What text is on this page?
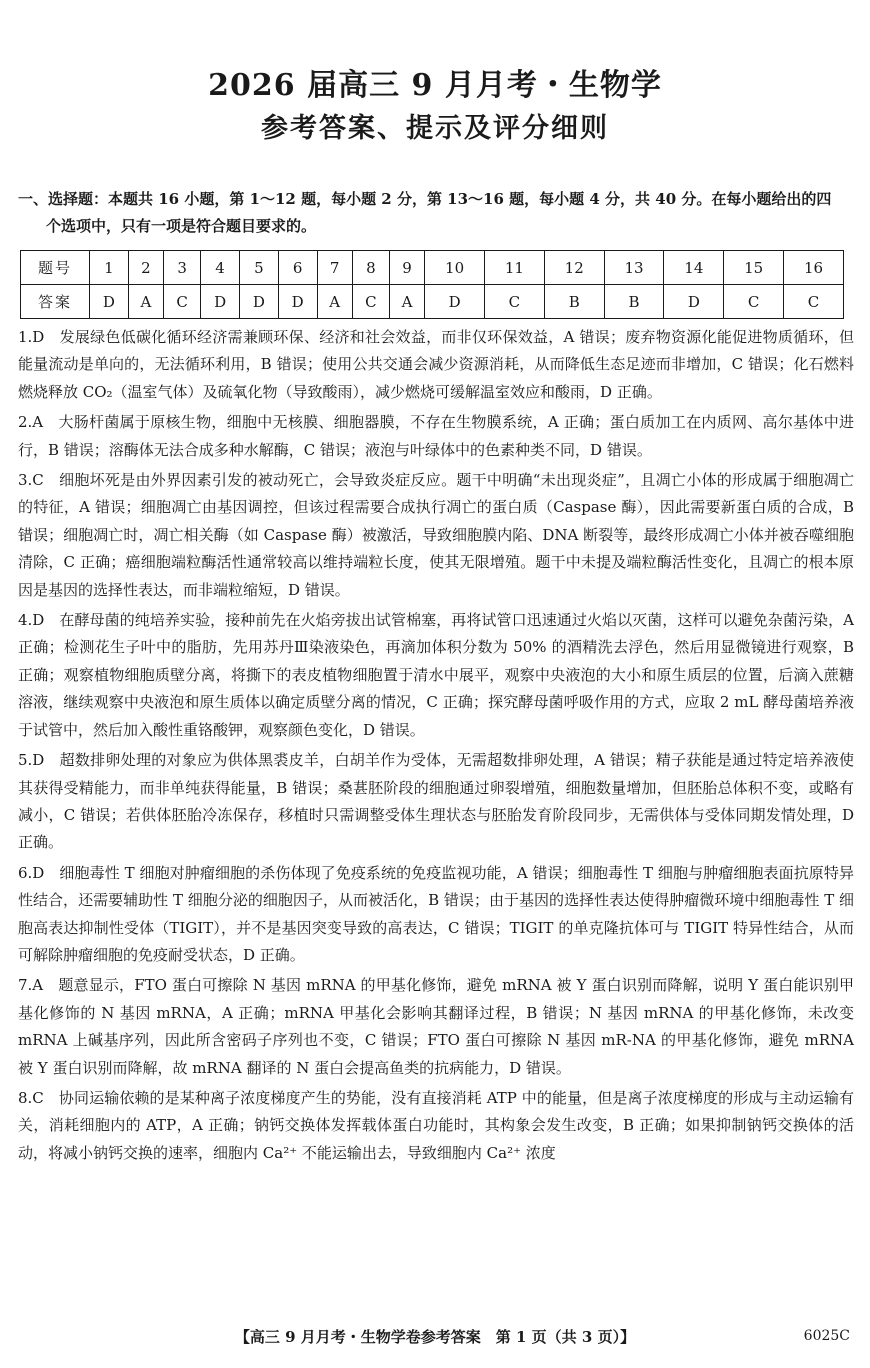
2026 届高三 9 月月考・生物学
参考答案、提示及评分细则
一、选择题：本题共 16 小题，第 1～12 题，每小题 2 分，第 13～16 题，每小题 4 分，共 40 分。在每小题给出的四
个选项中，只有一项是符合题目要求的。
题号	1	2	3	4	5	6	7	8	9	10	11	12	13	14	15	16
答案	D	A	C	D	D	D	A	C	A	D	C	B	B	D	C	C
1.D  发展绿色低碳化循环经济需兼顾环保、经济和社会效益，而非仅环保效益，A 错误；废弃物资源化能促进物质循环，但能量流动是单向的，无法循环利用，B 错误；使用公共交通会减少资源消耗，从而降低生态足迹而非增加，C 错误；化石燃料燃烧释放 CO₂（温室气体）及硫氧化物（导致酸雨），减少燃烧可缓解温室效应和酸雨，D 正确。
2.A  大肠杆菌属于原核生物，细胞中无核膜、细胞器膜，不存在生物膜系统，A 正确；蛋白质加工在内质网、高尔基体中进行，B 错误；溶酶体无法合成多种水解酶，C 错误；液泡与叶绿体中的色素种类不同，D 错误。
3.C  细胞坏死是由外界因素引发的被动死亡，会导致炎症反应。题干中明确“未出现炎症”，且凋亡小体的形成属于细胞凋亡的特征，A 错误；细胞凋亡由基因调控，但该过程需要合成执行凋亡的蛋白质（Caspase 酶），因此需要新蛋白质的合成，B 错误；细胞凋亡时，凋亡相关酶（如 Caspase 酶）被激活，导致细胞膜内陷、DNA 断裂等，最终形成凋亡小体并被吞噬细胞清除，C 正确；癌细胞端粒酶活性通常较高以维持端粒长度，使其无限增殖。题干中未提及端粒酶活性变化，且凋亡的根本原因是基因的选择性表达，而非端粒缩短，D 错误。
4.D  在酵母菌的纯培养实验，接种前先在火焰旁拔出试管棉塞，再将试管口迅速通过火焰以灭菌，这样可以避免杂菌污染，A 正确；检测花生子叶中的脂肪，先用苏丹Ⅲ染液染色，再滴加体积分数为 50% 的酒精洗去浮色，然后用显微镜进行观察，B 正确；观察植物细胞质壁分离，将撕下的表皮植物细胞置于清水中展平，观察中央液泡的大小和原生质层的位置，后滴入蔗糖溶液，继续观察中央液泡和原生质体以确定质壁分离的情况，C 正确；探究酵母菌呼吸作用的方式，应取 2 mL 酵母菌培养液于试管中，然后加入酸性重铬酸钾，观察颜色变化，D 错误。
5.D  超数排卵处理的对象应为供体黑裘皮羊，白胡羊作为受体，无需超数排卵处理，A 错误；精子获能是通过特定培养液使其获得受精能力，而非单纯获得能量，B 错误；桑葚胚阶段的细胞通过卵裂增殖，细胞数量增加，但胚胎总体积不变，或略有减小，C 错误；若供体胚胎冷冻保存，移植时只需调整受体生理状态与胚胎发育阶段同步，无需供体与受体同期发情处理，D 正确。
6.D  细胞毒性 T 细胞对肿瘤细胞的杀伤体现了免疫系统的免疫监视功能，A 错误；细胞毒性 T 细胞与肿瘤细胞表面抗原特异性结合，还需要辅助性 T 细胞分泌的细胞因子，从而被活化，B 错误；由于基因的选择性表达使得肿瘤微环境中细胞毒性 T 细胞高表达抑制性受体（TIGIT），并不是基因突变导致的高表达，C 错误；TIGIT 的单克隆抗体可与 TIGIT 特异性结合，从而可解除肿瘤细胞的免疫耐受状态，D 正确。
7.A  题意显示，FTO 蛋白可擦除 N 基因 mRNA 的甲基化修饰，避免 mRNA 被 Y 蛋白识别而降解，说明 Y 蛋白能识别甲基化修饰的 N 基因 mRNA，A 正确；mRNA 甲基化会影响其翻译过程，B 错误；N 基因 mRNA 的甲基化修饰，未改变 mRNA 上碱基序列，因此所含密码子序列也不变，C 错误；FTO 蛋白可擦除 N 基因 mR-NA 的甲基化修饰，避免 mRNA 被 Y 蛋白识别而降解，故 mRNA 翻译的 N 蛋白会提高鱼类的抗病能力，D 错误。
8.C  协同运输依赖的是某种离子浓度梯度产生的势能，没有直接消耗 ATP 中的能量，但是离子浓度梯度的形成与主动运输有关，消耗细胞内的 ATP，A 正确；钠钙交换体发挥载体蛋白功能时，其构象会发生改变，B 正确；如果抑制钠钙交换体的活动，将减小钠钙交换的速率，细胞内 Ca²⁺ 不能运输出去，导致细胞内 Ca²⁺ 浓度
【高三 9 月月考・生物学卷参考答案　第 1 页（共 3 页）】	6025C
